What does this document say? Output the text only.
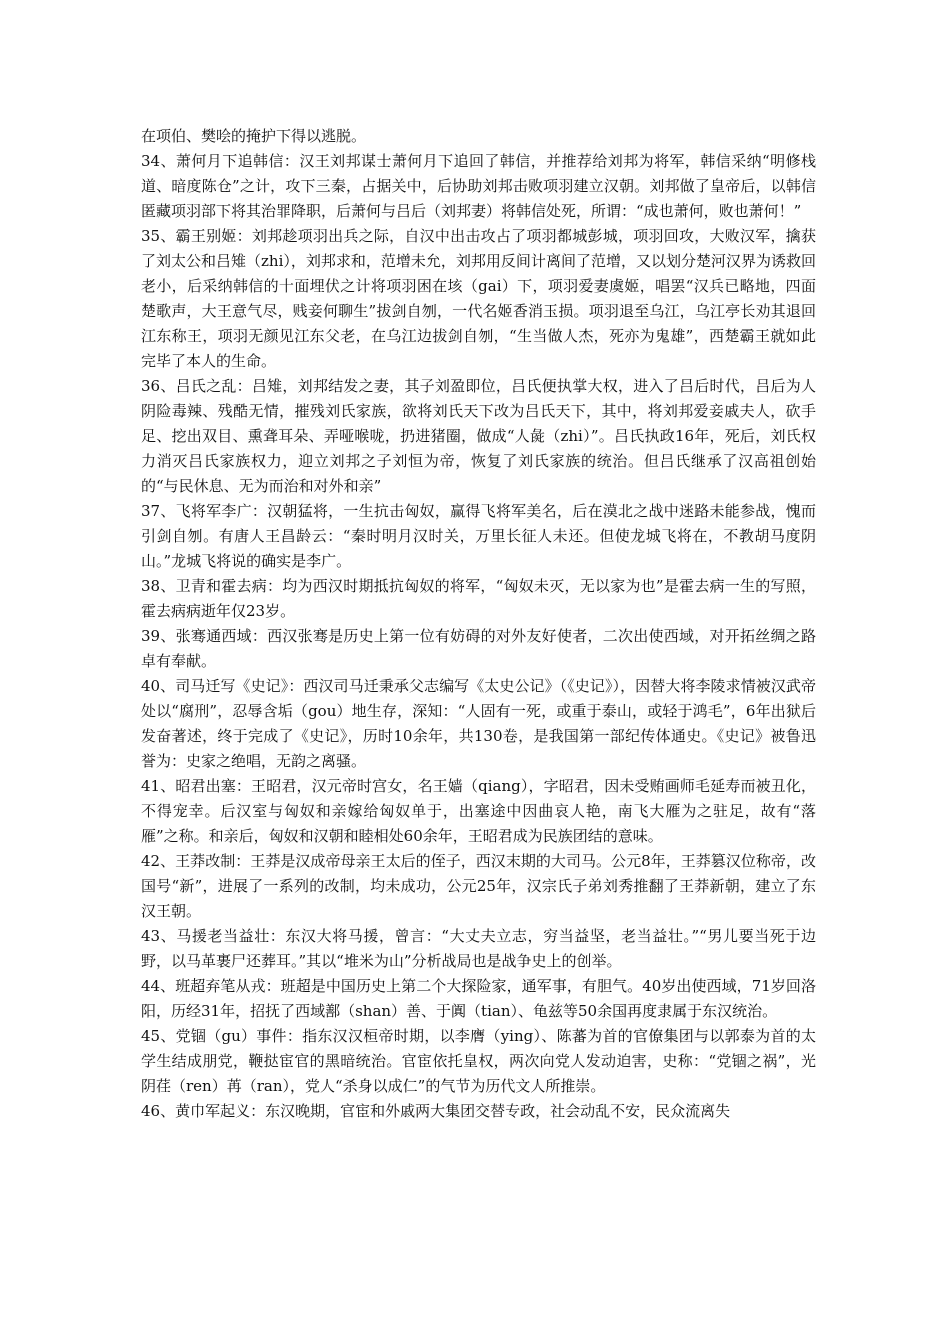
在项伯、樊哙的掩护下得以逃脱。

34、萧何月下追韩信：汉王刘邦谋士萧何月下追回了韩信，并推荐给刘邦为将军，韩信采纳“明修栈道、暗度陈仓”之计，攻下三秦，占据关中，后协助刘邦击败项羽建立汉朝。刘邦做了皇帝后，以韩信匿藏项羽部下将其治罪降职，后萧何与吕后（刘邦妻）将韩信处死，所谓：“成也萧何，败也萧何！”

35、霸王别姬：刘邦趁项羽出兵之际，自汉中出击攻占了项羽都城彭城，项羽回攻，大败汉军，擒获了刘太公和吕雉（zhi），刘邦求和，范增未允，刘邦用反间计离间了范增，又以划分楚河汉界为诱救回老小，后采纳韩信的十面埋伏之计将项羽困在垓（gai）下，项羽爱妻虞姬，唱罢“汉兵已略地，四面楚歌声，大王意气尽，贱妾何聊生”拔剑自刎，一代名姬香消玉损。项羽退至乌江，乌江亭长劝其退回江东称王，项羽无颜见江东父老，在乌江边拔剑自刎，“生当做人杰，死亦为鬼雄”，西楚霸王就如此完毕了本人的生命。

36、吕氏之乱：吕雉，刘邦结发之妻，其子刘盈即位，吕氏便执掌大权，进入了吕后时代，吕后为人阴险毒辣、残酷无情，摧残刘氏家族，欲将刘氏天下改为吕氏天下，其中，将刘邦爱妾戚夫人，砍手足、挖出双目、熏聋耳朵、弄哑喉咙，扔进猪圈，做成“人彘（zhi）”。吕氏执政16年，死后，刘氏权力消灭吕氏家族权力，迎立刘邦之子刘恒为帝，恢复了刘氏家族的统治。但吕氏继承了汉高祖创始的“与民休息、无为而治和对外和亲”

37、飞将军李广：汉朝猛将，一生抗击匈奴，赢得飞将军美名，后在漠北之战中迷路未能参战，愧而引剑自刎。有唐人王昌龄云：“秦时明月汉时关，万里长征人未还。但使龙城飞将在，不教胡马度阴山。”龙城飞将说的确实是李广。

38、卫青和霍去病：均为西汉时期抵抗匈奴的将军，“匈奴未灭，无以家为也”是霍去病一生的写照，霍去病病逝年仅23岁。

39、张骞通西域：西汉张骞是历史上第一位有妨碍的对外友好使者，二次出使西域，对开拓丝绸之路卓有奉献。

40、司马迁写《史记》：西汉司马迁秉承父志编写《太史公记》（《史记》），因替大将李陵求情被汉武帝处以“腐刑”，忍辱含垢（gou）地生存，深知：“人固有一死，或重于泰山，或轻于鸿毛”，6年出狱后发奋著述，终于完成了《史记》，历时10余年，共130卷，是我国第一部纪传体通史。《史记》被鲁迅誉为：史家之绝唱，无韵之离骚。

41、昭君出塞：王昭君，汉元帝时宫女，名王嫱（qiang），字昭君，因未受贿画师毛延寿而被丑化，不得宠幸。后汉室与匈奴和亲嫁给匈奴单于，出塞途中因曲哀人艳，南飞大雁为之驻足，故有“落雁”之称。和亲后，匈奴和汉朝和睦相处60余年，王昭君成为民族团结的意味。

42、王莽改制：王莽是汉成帝母亲王太后的侄子，西汉末期的大司马。公元8年，王莽篡汉位称帝，改国号“新”，进展了一系列的改制，均未成功，公元25年，汉宗氏子弟刘秀推翻了王莽新朝，建立了东汉王朝。

43、马援老当益壮：东汉大将马援，曾言：“大丈夫立志，穷当益坚，老当益壮。”“男儿要当死于边野，以马革裹尸还葬耳。”其以“堆米为山”分析战局也是战争史上的创举。

44、班超弃笔从戎：班超是中国历史上第二个大探险家，通军事，有胆气。40岁出使西域，71岁回洛阳，历经31年，招抚了西域鄯（shan）善、于阗（tian）、龟兹等50余国再度隶属于东汉统治。

45、党锢（gu）事件：指东汉汉桓帝时期，以李膺（ying）、陈蕃为首的官僚集团与以郭泰为首的太学生结成朋党，鞭挞宦官的黑暗统治。官宦依托皇权，两次向党人发动迫害，史称：“党锢之祸”，光阴荏（ren）苒（ran），党人“杀身以成仁”的气节为历代文人所推崇。

46、黄巾军起义：东汉晚期，官宦和外戚两大集团交替专政，社会动乱不安，民众流离失
